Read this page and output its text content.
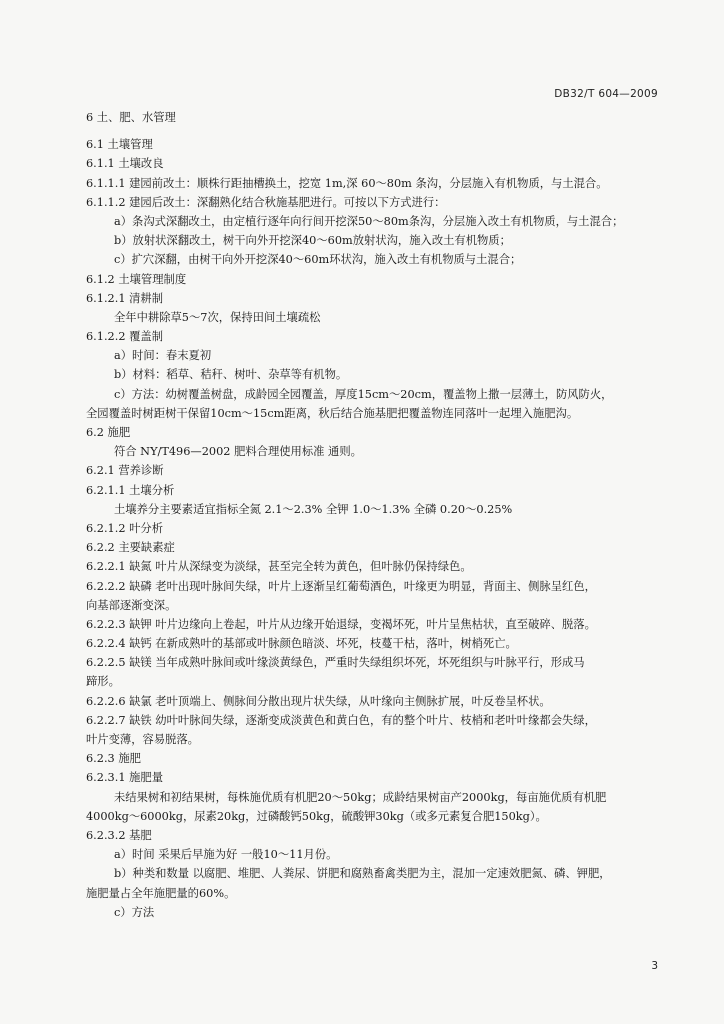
DB32/T 604—2009
6 土、肥、水管理
6.1 土壤管理
6.1.1 土壤改良
6.1.1.1 建园前改土：顺株行距抽槽换土，挖宽 1m,深 60～80m 条沟，分层施入有机物质，与土混合。
6.1.1.2 建园后改土：深翻熟化结合秋施基肥进行。可按以下方式进行：
a）条沟式深翻改土，由定植行逐年向行间开挖深50～80m条沟，分层施入改土有机物质，与土混合；
b）放射状深翻改土，树干向外开挖深40～60m放射状沟，施入改土有机物质；
c）扩穴深翻，由树干向外开挖深40～60m环状沟，施入改土有机物质与土混合；
6.1.2 土壤管理制度
6.1.2.1 清耕制
全年中耕除草5～7次，保持田间土壤疏松
6.1.2.2 覆盖制
a）时间：春末夏初
b）材料：稻草、秸秆、树叶、杂草等有机物。
c）方法：幼树覆盖树盘，成龄园全园覆盖，厚度15cm～20cm，覆盖物上撒一层薄土，防风防火，
全园覆盖时树距树干保留10cm～15cm距离，秋后结合施基肥把覆盖物连同落叶一起埋入施肥沟。
6.2 施肥
符合 NY/T496—2002 肥料合理使用标准 通则。
6.2.1 营养诊断
6.2.1.1 土壤分析
土壤养分主要素适宜指标全氮 2.1～2.3% 全钾 1.0～1.3% 全磷 0.20～0.25%
6.2.1.2 叶分析
6.2.2 主要缺素症
6.2.2.1 缺氮 叶片从深绿变为淡绿，甚至完全转为黄色，但叶脉仍保持绿色。
6.2.2.2 缺磷 老叶出现叶脉间失绿，叶片上逐渐呈红葡萄酒色，叶缘更为明显，背面主、侧脉呈红色，
向基部逐渐变深。
6.2.2.3 缺钾 叶片边缘向上卷起，叶片从边缘开始退绿，变褐坏死，叶片呈焦枯状，直至破碎、脱落。
6.2.2.4 缺钙 在新成熟叶的基部或叶脉颜色暗淡、坏死，枝蔓干枯，落叶，树梢死亡。
6.2.2.5 缺镁 当年成熟叶脉间或叶缘淡黄绿色，严重时失绿组织坏死，坏死组织与叶脉平行，形成马
蹄形。
6.2.2.6 缺氯 老叶顶端上、侧脉间分散出现片状失绿，从叶缘向主侧脉扩展，叶反卷呈杯状。
6.2.2.7 缺铁 幼叶叶脉间失绿，逐渐变成淡黄色和黄白色，有的整个叶片、枝梢和老叶叶缘都会失绿，
叶片变薄，容易脱落。
6.2.3 施肥
6.2.3.1 施肥量
未结果树和初结果树，每株施优质有机肥20～50kg；成龄结果树亩产2000kg，每亩施优质有机肥
4000kg～6000kg，尿素20kg，过磷酸钙50kg，硫酸钾30kg（或多元素复合肥150kg）。
6.2.3.2 基肥
a）时间 采果后早施为好 一般10～11月份。
b）种类和数量 以腐肥、堆肥、人粪尿、饼肥和腐熟畜禽类肥为主，混加一定速效肥氮、磷、钾肥，
施肥量占全年施肥量的60%。
c）方法
3
